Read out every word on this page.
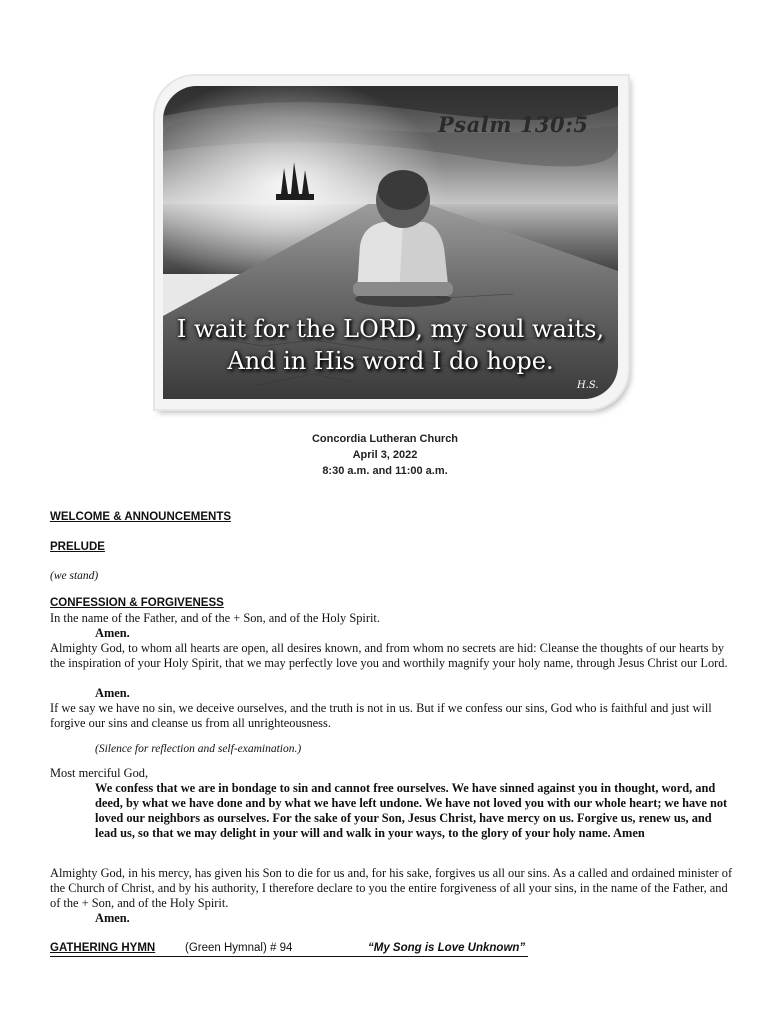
Psalm 130:5
I wait for the LORD, my soul waits,
And in His word I do hope.
H.S.
Concordia Lutheran Church
April 3, 2022
8:30 a.m. and 11:00 a.m.
WELCOME & ANNOUNCEMENTS
PRELUDE
(we stand)
CONFESSION & FORGIVENESS
In the name of the Father, and of the + Son, and of the Holy Spirit.
Amen.
Almighty God, to whom all hearts are open, all desires known, and from whom no secrets are hid: Cleanse the thoughts of our hearts by the inspiration of your Holy Spirit, that we may perfectly love you and worthily magnify your holy name, through Jesus Christ our Lord.
Amen.
If we say we have no sin, we deceive ourselves, and the truth is not in us. But if we confess our sins, God who is faithful and just will forgive our sins and cleanse us from all unrighteousness.
(Silence for reflection and self-examination.)
Most merciful God,
We confess that we are in bondage to sin and cannot free ourselves. We have sinned against you in thought, word, and deed, by what we have done and by what we have left undone. We have not loved you with our whole heart; we have not loved our neighbors as ourselves. For the sake of your Son, Jesus Christ, have mercy on us. Forgive us, renew us, and lead us, so that we may delight in your will and walk in your ways, to the glory of your holy name. Amen
Almighty God, in his mercy, has given his Son to die for us and, for his sake, forgives us all our sins. As a called and ordained minister of the Church of Christ, and by his authority, I therefore declare to you the entire forgiveness of all your sins, in the name of the Father, and of the + Son, and of the Holy Spirit.
Amen.
GATHERING HYMN	(Green Hymnal) # 94	“My Song is Love Unknown”
